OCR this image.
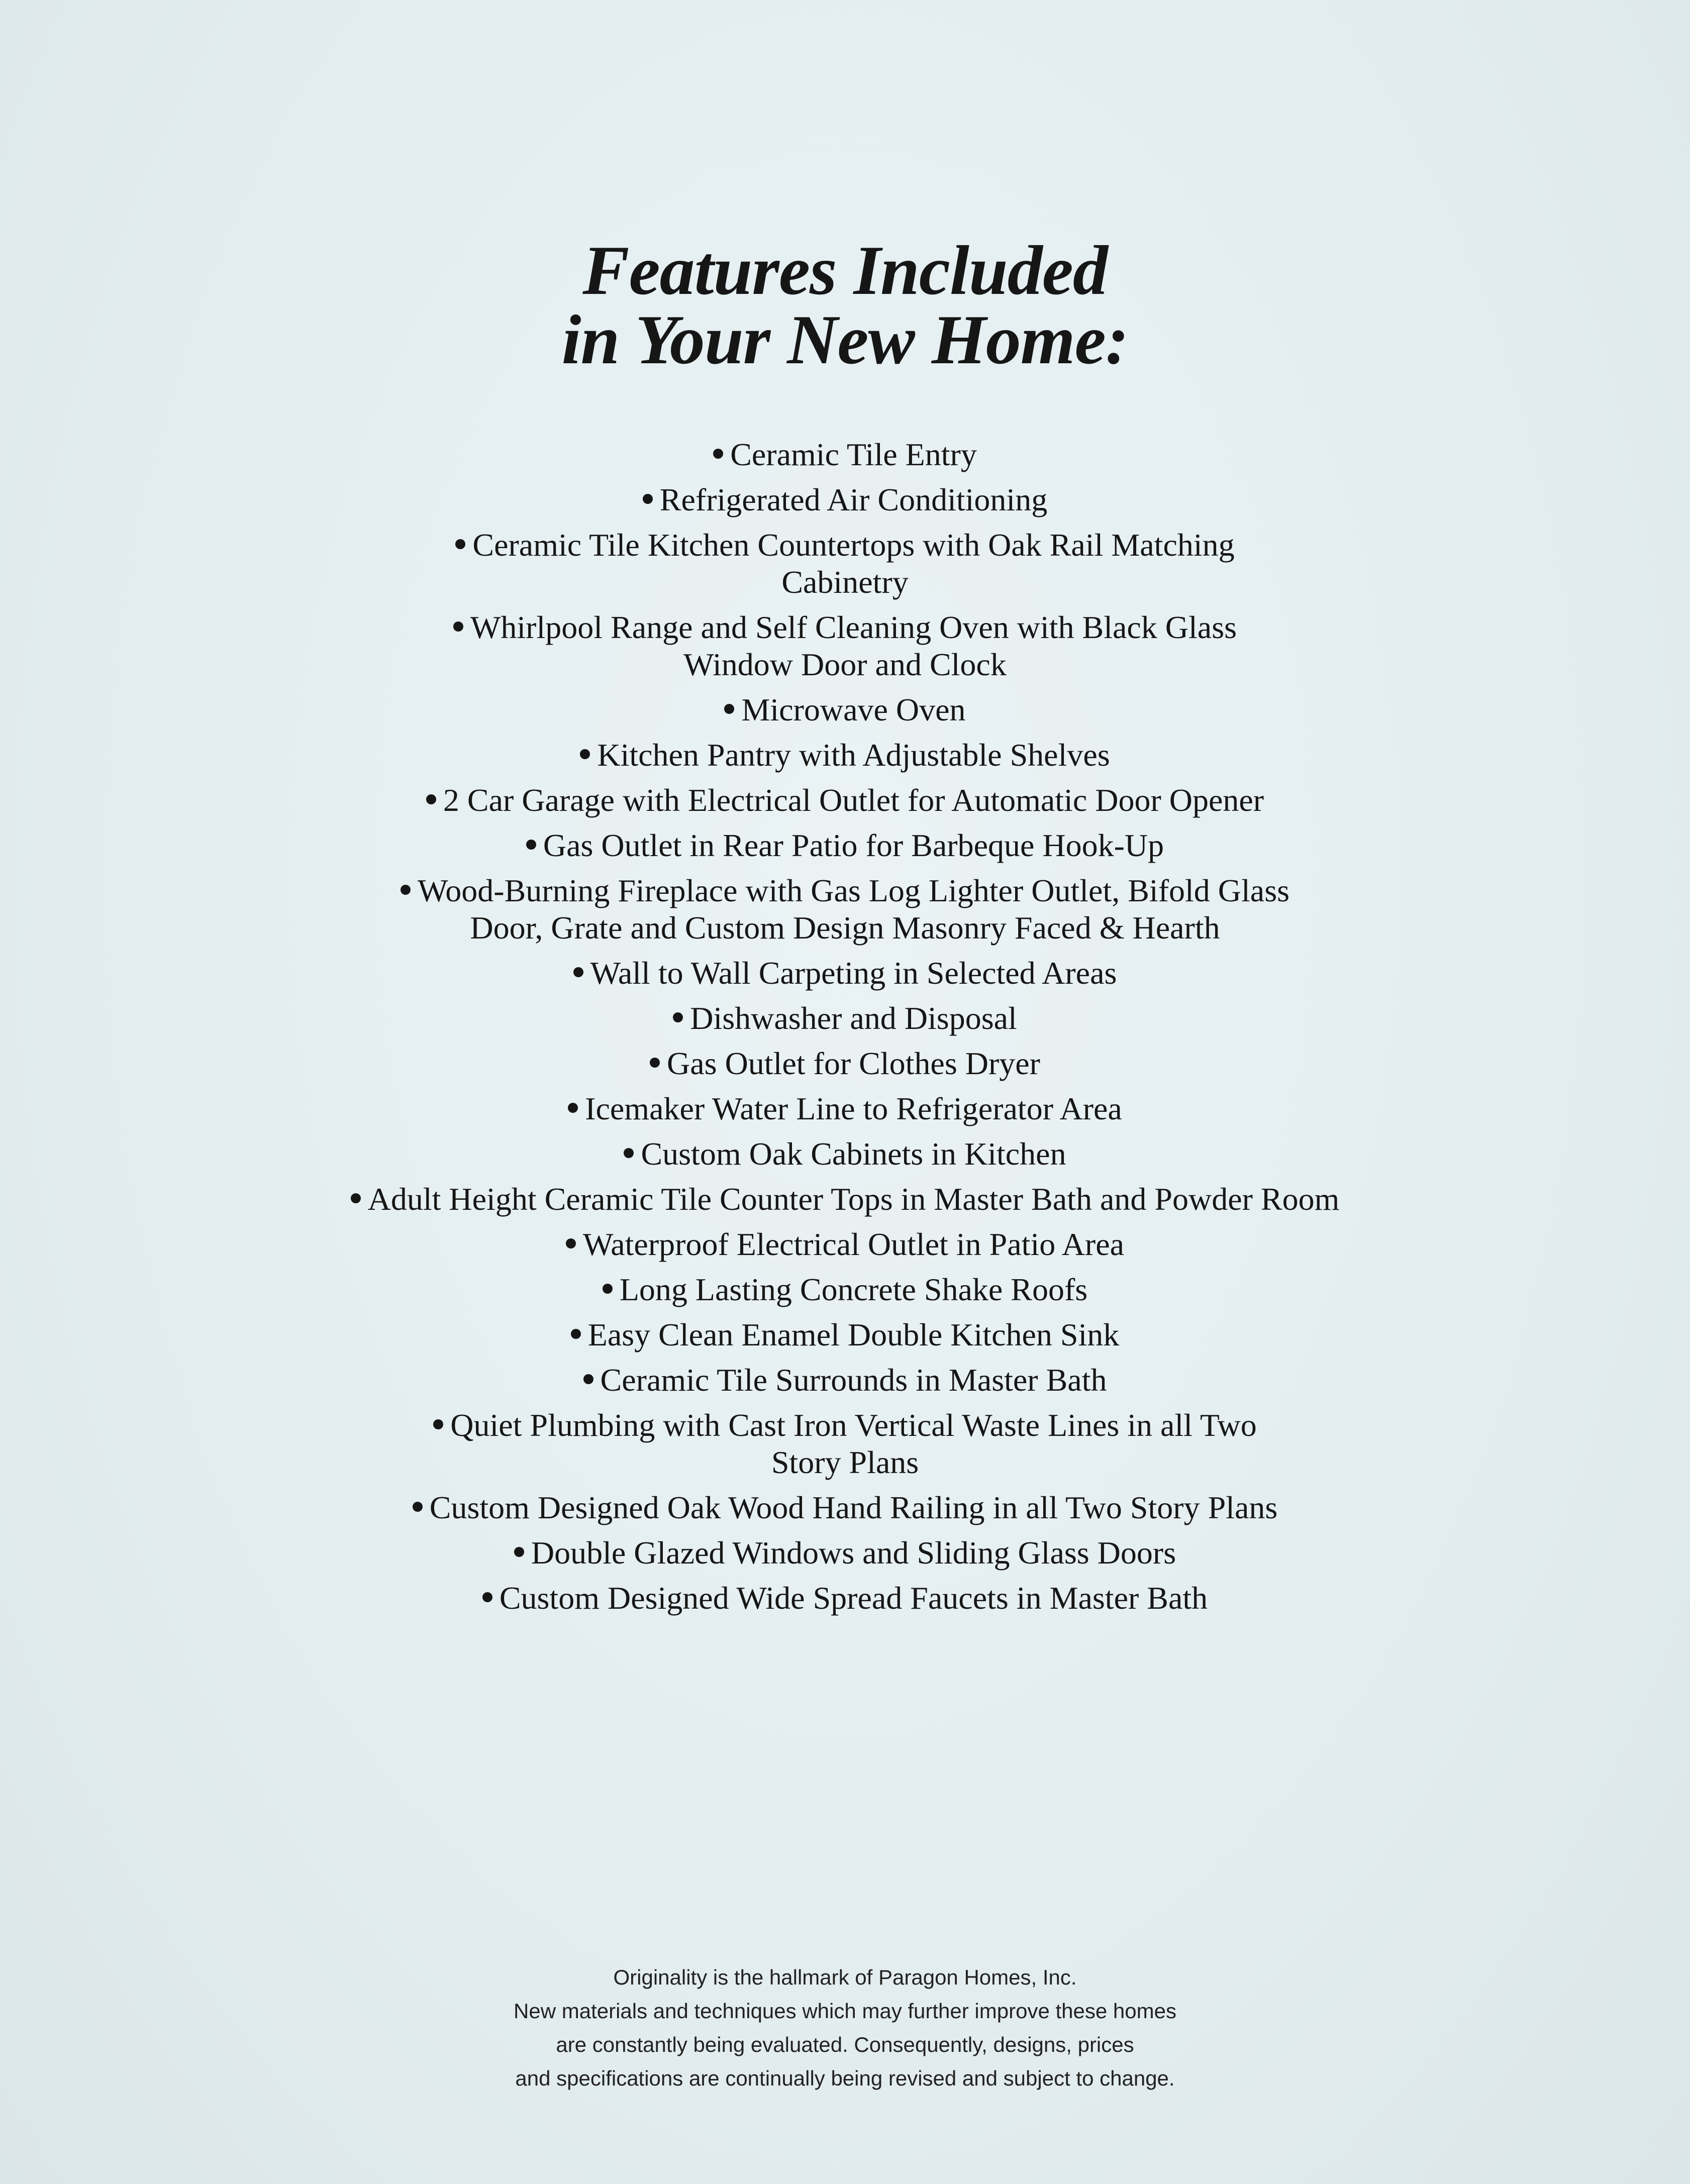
Features Included
in Your New Home:
Ceramic Tile Entry
Refrigerated Air Conditioning
Ceramic Tile Kitchen Countertops with Oak Rail Matching Cabinetry
Whirlpool Range and Self Cleaning Oven with Black Glass Window Door and Clock
Microwave Oven
Kitchen Pantry with Adjustable Shelves
2 Car Garage with Electrical Outlet for Automatic Door Opener
Gas Outlet in Rear Patio for Barbeque Hook-Up
Wood-Burning Fireplace with Gas Log Lighter Outlet, Bifold Glass Door, Grate and Custom Design Masonry Faced & Hearth
Wall to Wall Carpeting in Selected Areas
Dishwasher and Disposal
Gas Outlet for Clothes Dryer
Icemaker Water Line to Refrigerator Area
Custom Oak Cabinets in Kitchen
Adult Height Ceramic Tile Counter Tops in Master Bath and Powder Room
Waterproof Electrical Outlet in Patio Area
Long Lasting Concrete Shake Roofs
Easy Clean Enamel Double Kitchen Sink
Ceramic Tile Surrounds in Master Bath
Quiet Plumbing with Cast Iron Vertical Waste Lines in all Two Story Plans
Custom Designed Oak Wood Hand Railing in all Two Story Plans
Double Glazed Windows and Sliding Glass Doors
Custom Designed Wide Spread Faucets in Master Bath
Originality is the hallmark of Paragon Homes, Inc.
New materials and techniques which may further improve these homes
are constantly being evaluated. Consequently, designs, prices
and specifications are continually being revised and subject to change.
